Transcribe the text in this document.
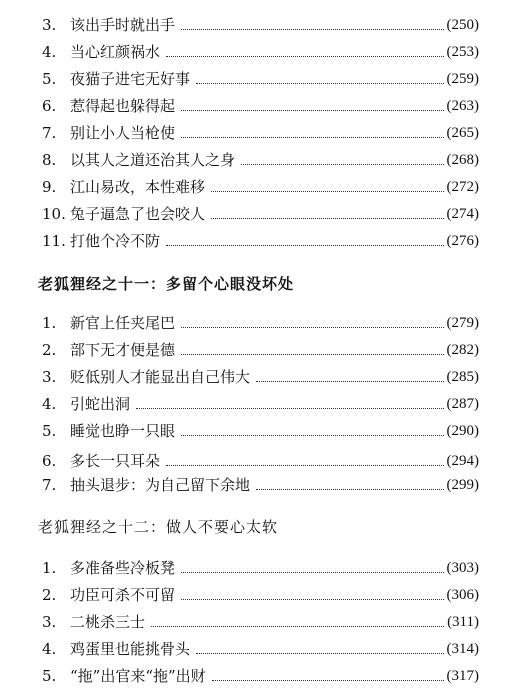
3. 该出手时就出手	(250)
4. 当心红颜祸水	(253)
5. 夜猫子进宅无好事	(259)
6. 惹得起也躲得起	(263)
7. 别让小人当枪使	(265)
8. 以其人之道还治其人之身	(268)
9. 江山易改，本性难移	(272)
10. 兔子逼急了也会咬人	(274)
11. 打他个冷不防	(276)
老狐狸经之十一：多留个心眼没坏处
1. 新官上任夹尾巴	(279)
2. 部下无才便是德	(282)
3. 贬低别人才能显出自己伟大	(285)
4. 引蛇出洞	(287)
5. 睡觉也睁一只眼	(290)
6. 多长一只耳朵	(294)
7. 抽头退步：为自己留下余地	(299)
老狐狸经之十二：做人不要心太软
1. 多准备些冷板凳	(303)
2. 功臣可杀不可留	(306)
3. 二桃杀三士	(311)
4. 鸡蛋里也能挑骨头	(314)
5. “拖”出官来“拖”出财	(317)
